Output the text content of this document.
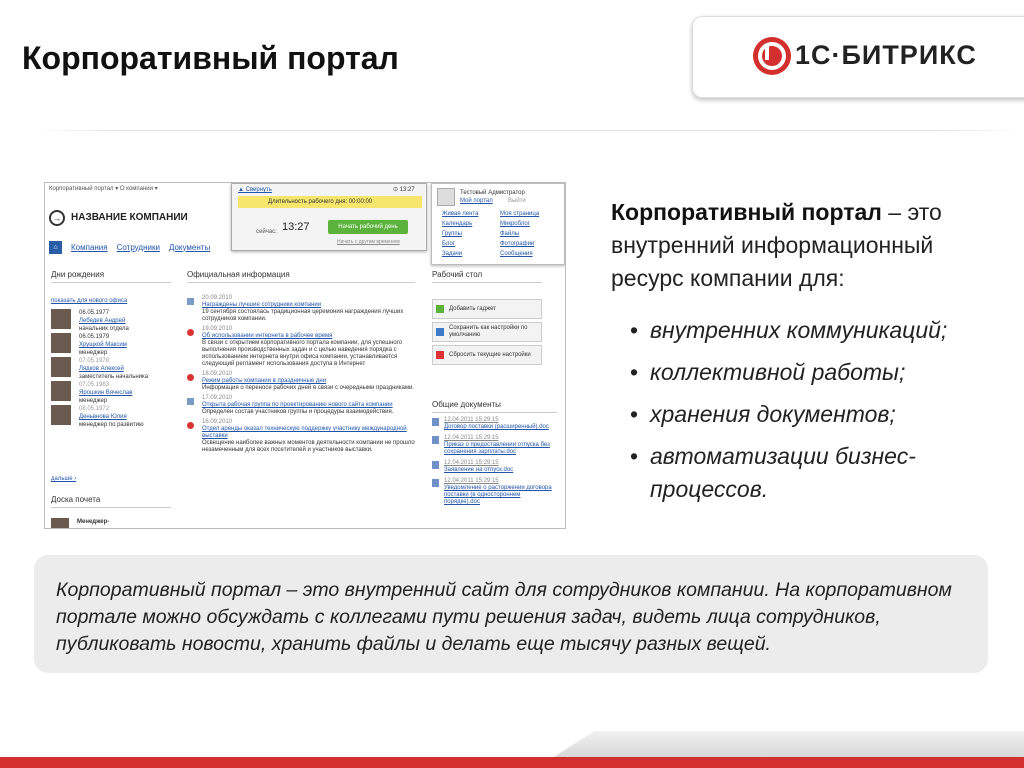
Корпоративный портал	1С·БИТРИКС
Корпоративный портал ▾ О компании ▾
→ НАЗВАНИЕ КОМПАНИИ
▲ Свернуть	⊙ 13:27
Длительность рабочего дня: 00:00:00
сейчас: 13:27	Начать рабочий день
Начать с другим временем
Тестовый Адмистратор
Мой портал	Выйти
Живая лента	Моя страница
Календарь	Микроблог
Группы	Файлы
Блог	Фотографии
Задачи	Сообщения
⌂	Компания Сотрудники Документы
Дни рождения	Официальная информация	Рабочий стол
показать для нового офиса
06.05.1977
Лебедев Андрей
начальник отдела
06.05.1979
Хрущкой Максим
менеджер
07.05.1978
Лядков Алексей
заместитель начальника
07.05.1983
Ярошкин Вячеслав
менеджер
08.05.1972
Деньвнова Юлия
менеджер по развитию
дальше ›
Доска почета
Менеджер-
20.09.2010
Награждены лучшие сотрудники компании
19 сентября состоялась традиционная церемония награждения лучших сотрудников компании.
19.09.2010
Об использовании интернета в рабочее время
В связи с открытием корпоративного портала компании, для успешного выполнения производственных задач и с целью наведения порядка с использованием интернета внутри офиса компании, устанавливается следующий регламент использования доступа в Интернет
18.09.2010
Режим работы компании в праздничные дни
Информация о переносе рабочих дней в связи с очередными праздниками.
17.09.2010
Открыта рабочая группа по проектированию нового сайта компании
Определен состав участников группы и процедуры взаимодействия.
16.09.2010
Отдел аренды оказал техническую поддержку участнику международной выставки
Освещение наиболее важных моментов деятельности компании не прошло незамеченным для всех посетителей и участников выставки.
Добавить гаджет
Сохранить как настройки по умолчанию
Сбросить текущие настройки
Общие документы
12.04.2011 15:29:15
Договор поставки (расширенный).doc
12.04.2011 15:29:15
Приказ о предоставлении отпуска без сохранения зарплаты.doc
12.04.2011 15:29:15
Заявление на отпуск.doc
12.04.2011 15:29:15
Уведомление о расторжении договора поставки (в одностороннем порядке).doc
Корпоративный портал – это внутренний информационный ресурс компании для:
• внутренних коммуникаций;
• коллективной работы;
• хранения документов;
• автоматизации бизнес-процессов.
Корпоративный портал – это внутренний сайт для сотрудников компании. На корпоративном портале можно обсуждать с коллегами пути решения задач, видеть лица сотрудников, публиковать новости, хранить файлы и делать еще тысячу разных вещей.
